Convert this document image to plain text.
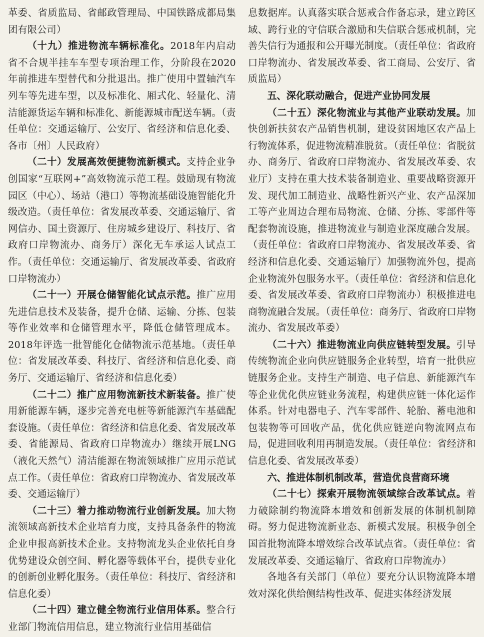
革委、省质监局、省邮政管理局、中国铁路成都局集团有限公司）

（十九）推进物流车辆标准化。2018年内启动省不合规半挂车车型专项治理工作，分阶段在2020年前推进车型替代和分批退出。推广使用中置轴汽车列车等先进车型，以及标准化、厢式化、轻量化、清洁能源货运车辆和标准化、新能源城市配送车辆。（责任单位：交通运输厅、公安厅、省经济和信息化委、各市〔州〕人民政府）

（二十）发展高效便捷物流新模式。支持企业争创国家“互联网+”高效物流示范工程。鼓励现有物流园区（中心）、场站（港口）等物流基础设施智能化升级改造。（责任单位：省发展改革委、交通运输厅、省网信办、国土资源厅、住房城乡建设厅、科技厅、省政府口岸物流办、商务厅）深化无车承运人试点工作。（责任单位：交通运输厅、省发展改革委、省政府口岸物流办）

（二十一）开展仓储智能化试点示范。推广应用先进信息技术及装备，提升仓储、运输、分拣、包装等作业效率和仓储管理水平，降低仓储管理成本。2018年评选一批智能化仓储物流示范基地。（责任单位：省发展改革委、科技厅、省经济和信息化委、商务厅、交通运输厅、省经济和信息化委）

（二十二）推广应用物流新技术新装备。推广使用新能源车辆，逐步完善充电桩等新能源汽车基础配套设施。（责任单位：省经济和信息化委、省发展改革委、省能源局、省政府口岸物流办）继续开展LNG（液化天然气）清洁能源在物流领域推广应用示范试点工作。（责任单位：省政府口岸物流办、省发展改革委、交通运输厅）

（二十三）着力推动物流行业创新发展。加大物流领域高新技术企业培育力度，支持具备条件的物流企业申报高新技术企业。支持物流龙头企业依托自身优势建设众创空间、孵化器等载体平台，提供专业化的创新创业孵化服务。（责任单位：科技厅、省经济和信息化委）

（二十四）建立健全物流行业信用体系。整合行业部门物流信用信息，建立物流行业信用基础信

息数据库。认真落实联合惩戒合作备忘录，建立跨区域、跨行业的守信联合激励和失信联合惩戒机制，完善失信行为通报和公开曝光制度。（责任单位：省政府口岸物流办、省发展改革委、省工商局、公安厅、省质监局）

五、深化联动融合，促进产业协同发展

（二十五）深化物流业与其他产业联动发展。加快创新扶贫农产品销售机制，建设贫困地区农产品上行物流体系，促进物流精准脱贫。（责任单位：省脱贫办、商务厅、省政府口岸物流办、省发展改革委、农业厅）支持在重大技术装备制造业、重要战略资源开发、现代加工制造业、战略性新兴产业、农产品深加工等产业周边合理布局物流、仓储、分拣、零部件等配套物流设施，推进物流业与制造业深度融合发展。（责任单位：省政府口岸物流办、省发展改革委、省经济和信息化委、交通运输厅）加强物流外包，提高企业物流外包服务水平。（责任单位：省经济和信息化委、省发展改革委、省政府口岸物流办）积极推进电商物流融合发展。（责任单位：商务厅、省政府口岸物流办、省发展改革委）

（二十六）推进物流业向供应链转型发展。引导传统物流企业向供应链服务企业转型，培育一批供应链服务企业。支持生产制造、电子信息、新能源汽车等企业优化供应链业务流程，构建供应链一体化运作体系。针对电器电子、汽车零部件、轮胎、蓄电池和包装物等可回收产品，优化供应链逆向物流网点布局，促进回收利用再制造发展。（责任单位：省经济和信息化委、省发展改革委）

六、推进体制机制改革，营造优良营商环境

（二十七）探索开展物流领域综合改革试点。着力破除制约物流降本增效和创新发展的体制机制障碍。努力促进物流新业态、新模式发展。积极争创全国首批物流降本增效综合改革试点省。（责任单位：省发展改革委、交通运输厅、省政府口岸物流办）

各地各有关部门（单位）要充分认识物流降本增效对深化供给侧结构性改革、促进实体经济发展
